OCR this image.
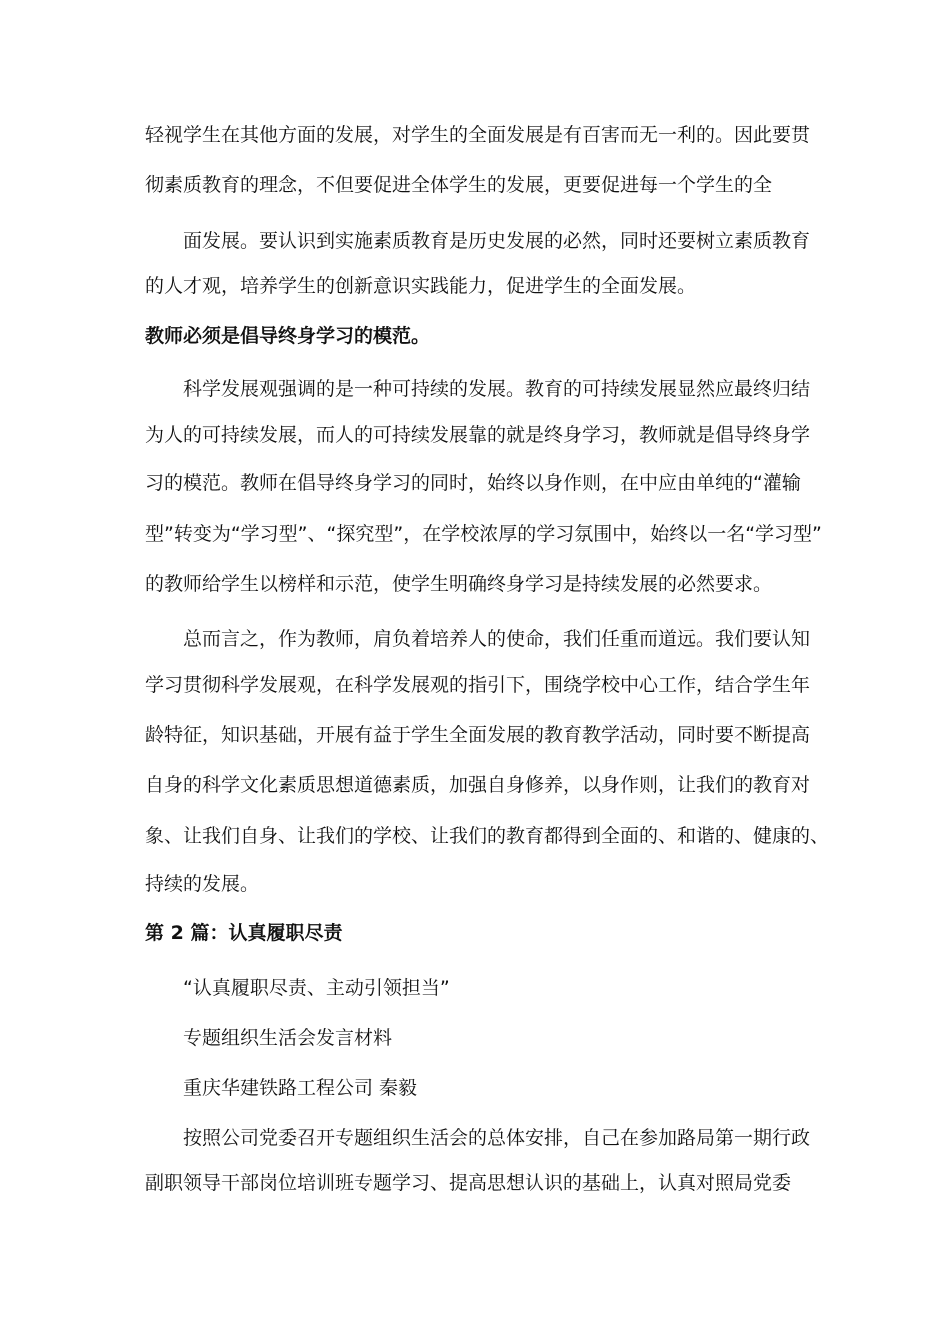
轻视学生在其他方面的发展，对学生的全面发展是有百害而无一利的。因此要贯
彻素质教育的理念，不但要促进全体学生的发展，更要促进每一个学生的全
面发展。要认识到实施素质教育是历史发展的必然，同时还要树立素质教育
的人才观，培养学生的创新意识实践能力，促进学生的全面发展。
教师必须是倡导终身学习的模范。
科学发展观强调的是一种可持续的发展。教育的可持续发展显然应最终归结
为人的可持续发展，而人的可持续发展靠的就是终身学习，教师就是倡导终身学
习的模范。教师在倡导终身学习的同时，始终以身作则，在中应由单纯的“灌输
型”转变为“学习型”、“探究型”，在学校浓厚的学习氛围中，始终以一名“学习型”
的教师给学生以榜样和示范，使学生明确终身学习是持续发展的必然要求。
总而言之，作为教师，肩负着培养人的使命，我们任重而道远。我们要认知
学习贯彻科学发展观，在科学发展观的指引下，围绕学校中心工作，结合学生年
龄特征，知识基础，开展有益于学生全面发展的教育教学活动，同时要不断提高
自身的科学文化素质思想道德素质，加强自身修养，以身作则，让我们的教育对
象、让我们自身、让我们的学校、让我们的教育都得到全面的、和谐的、健康的、
持续的发展。
第 2 篇：认真履职尽责
“认真履职尽责、主动引领担当”
专题组织生活会发言材料
重庆华建铁路工程公司 秦毅
按照公司党委召开专题组织生活会的总体安排，自己在参加路局第一期行政
副职领导干部岗位培训班专题学习、提高思想认识的基础上，认真对照局党委
